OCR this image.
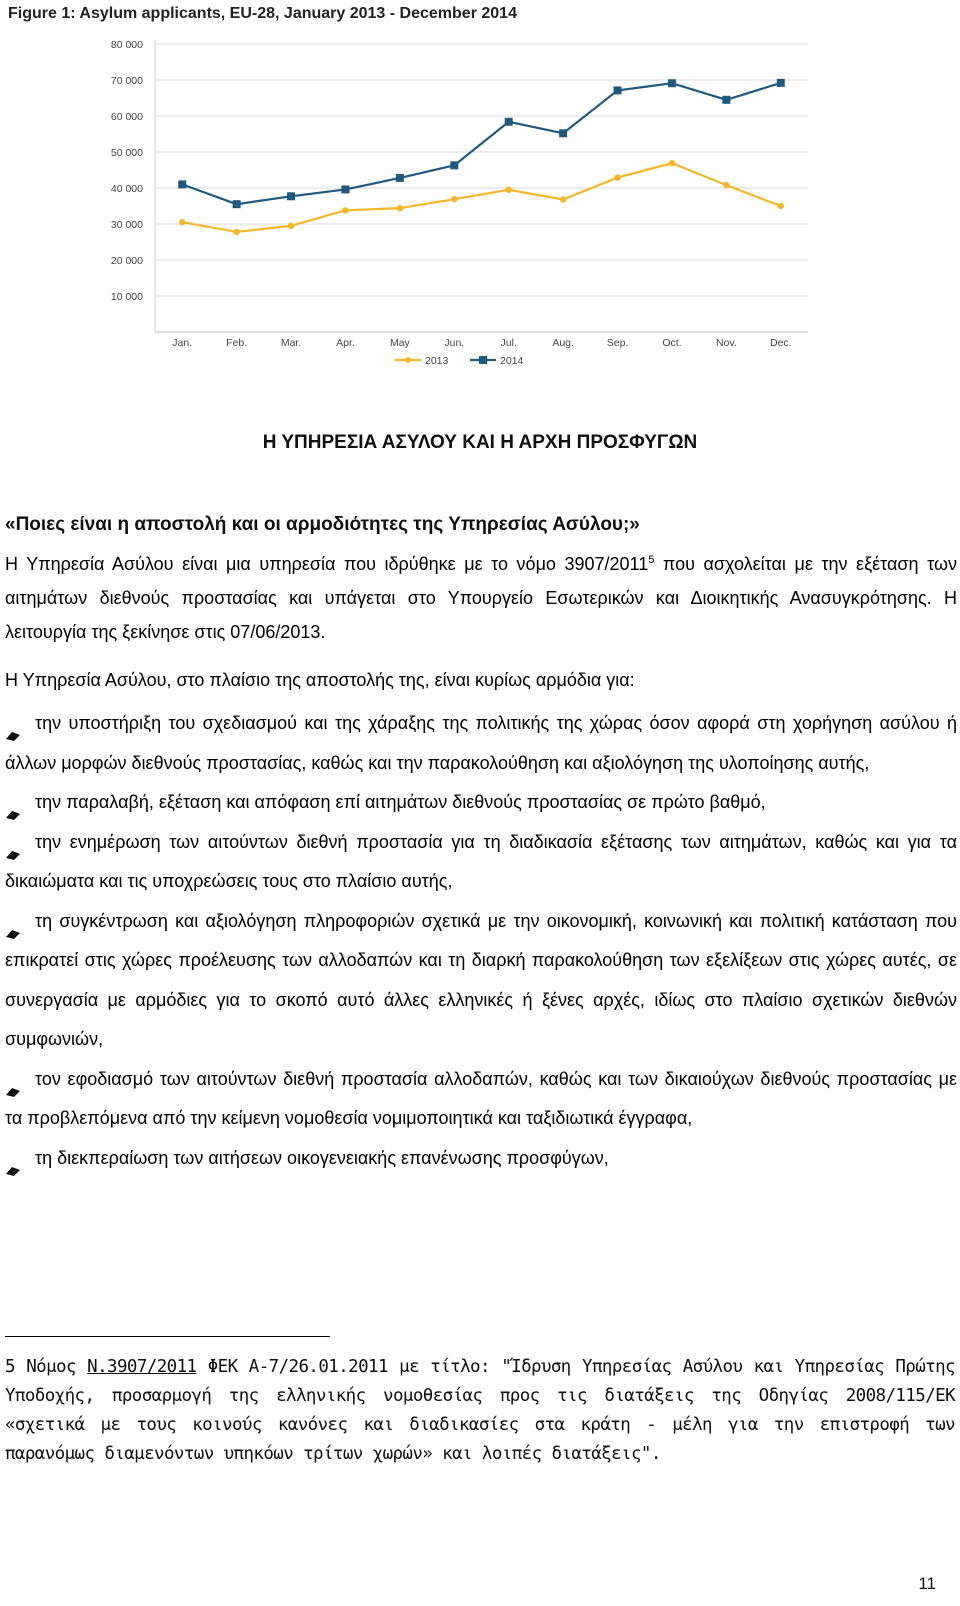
10 000
20 000
30 000
40 000
50 000
60 000
70 000
80 000
Jan.	Feb.	Mar.	Apr.	May	Jun.	Jul.	Aug.	Sep.	Oct.	Nov.	Dec.
2013	2014
Figure 1: Asylum applicants, EU-28, January 2013 - December 2014
Η ΥΠΗΡΕΣΙΑ ΑΣΥΛΟΥ ΚΑΙ Η ΑΡΧΗ ΠΡΟΣΦΥΓΩΝ
«Ποιες είναι η αποστολή και οι αρμοδιότητες της Υπηρεσίας Ασύλου;»
Η Υπηρεσία Ασύλου είναι μια υπηρεσία που ιδρύθηκε με το νόμο 3907/2011$^5$ που ασχολείται με την εξέταση των αιτημάτων διεθνούς προστασίας και υπάγεται στο Υπουργείο Εσωτερικών και Διοικητικής Ανασυγκρότησης. Η λειτουργία της ξεκίνησε στις 07/06/2013.
Η Υπηρεσία Ασύλου, στο πλαίσιο της αποστολής της, είναι κυρίως αρμόδια για:

την υποστήριξη του σχεδιασμού και της χάραξης της πολιτικής της χώρας όσον αφορά στη χορήγηση ασύλου ή άλλων μορφών διεθνούς προστασίας, καθώς και την παρακολούθηση και αξιολόγηση της υλοποίησης αυτής,

την παραλαβή, εξέταση και απόφαση επί αιτημάτων διεθνούς προστασίας σε πρώτο βαθμό,

την ενημέρωση των αιτούντων διεθνή προστασία για τη διαδικασία εξέτασης των αιτημάτων, καθώς και για τα δικαιώματα και τις υποχρεώσεις τους στο πλαίσιο αυτής,

τη συγκέντρωση και αξιολόγηση πληροφοριών σχετικά με την οικονομική, κοινωνική και πολιτική κατάσταση που επικρατεί στις χώρες προέλευσης των αλλοδαπών και τη διαρκή παρακολούθηση των εξελίξεων στις χώρες αυτές, σε συνεργασία με αρμόδιες για το σκοπό αυτό άλλες ελληνικές ή ξένες αρχές, ιδίως στο πλαίσιο σχετικών διεθνών συμφωνιών,

τον εφοδιασμό των αιτούντων διεθνή προστασία αλλοδαπών, καθώς και των δικαιούχων διεθνούς προστασίας με τα προβλεπόμενα από την κείμενη νομοθεσία νομιμοποιητικά και ταξιδιωτικά έγγραφα,

τη διεκπεραίωση των αιτήσεων οικογενειακής επανένωσης προσφύγων,

5 Νόμος Ν.3907/2011 ΦΕΚ Α-7/26.01.2011 με τίτλο: "Ίδρυση Υπηρεσίας Ασύλου και Υπηρεσίας Πρώτης Υποδοχής, προσαρμογή της ελληνικής νομοθεσίας προς τις διατάξεις της Οδηγίας 2008/115/ΕΚ «σχετικά με τους κοινούς κανόνες και διαδικασίες στα κράτη - μέλη για την επιστροφή των παρανόμως διαμενόντων υπηκόων τρίτων χωρών» και λοιπές διατάξεις".
11
